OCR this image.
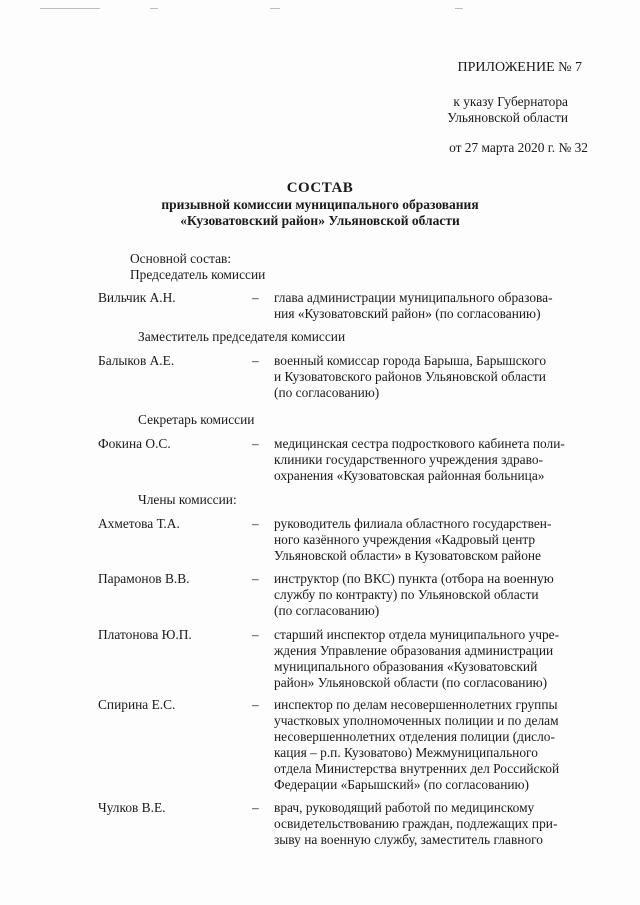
ПРИЛОЖЕНИЕ № 7
к указу Губернатора
Ульяновской области
от 27 марта 2020 г. № 32
СОСТАВ
призывной комиссии муниципального образования
«Кузоватовский район» Ульяновской области
Основной состав:
Председатель комиссии
Вильчик А.Н.	– глава администрации муниципального образова-
ния «Кузоватовский район» (по согласованию)
Заместитель председателя комиссии
Балыков А.Е.	– военный комиссар города Барыша, Барышского
и Кузоватовского районов Ульяновской области
(по согласованию)
Секретарь комиссии
Фокина О.С.	– медицинская сестра подросткового кабинета поли-
клиники государственного учреждения здраво-
охранения «Кузоватовская районная больница»
Члены комиссии:
Ахметова Т.А.	– руководитель филиала областного государствен-
ного казённого учреждения «Кадровый центр
Ульяновской области» в Кузоватовском районе
Парамонов В.В.	– инструктор (по ВКС) пункта (отбора на военную
службу по контракту) по Ульяновской области
(по согласованию)
Платонова Ю.П.	– старший инспектор отдела муниципального учре-
ждения Управление образования администрации
муниципального образования «Кузоватовский
район» Ульяновской области (по согласованию)
Спирина Е.С.	– инспектор по делам несовершеннолетних группы
участковых уполномоченных полиции и по делам
несовершеннолетних отделения полиции (дисло-
кация – р.п. Кузоватово) Межмуниципального
отдела Министерства внутренних дел Российской
Федерации «Барышский» (по согласованию)
Чулков В.Е.	– врач, руководящий работой по медицинскому
освидетельствованию граждан, подлежащих при-
зыву на военную службу, заместитель главного
